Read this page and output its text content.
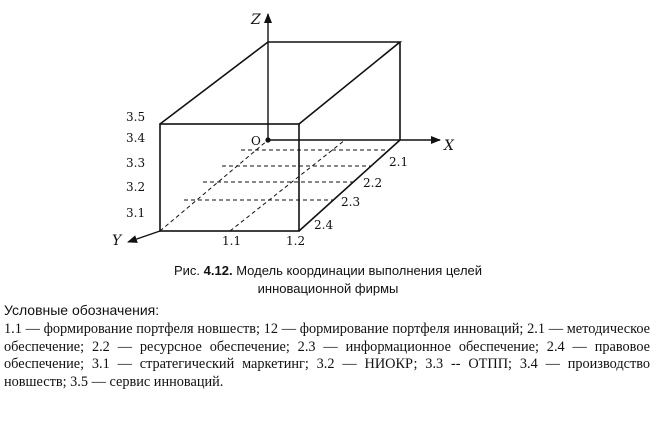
Z
X
Y
O
3.5
3.4
3.3
3.2
3.1
1.1	1.2
2.1
2.2
2.3
2.4
Рис. 4.12. Модель координации выполнения целей
инновационной фирмы
Условные обозначения:
1.1 — формирование портфеля новшеств; 12 — формирование портфеля инноваций; 2.1 — методическое обеспечение; 2.2 — ресурсное обеспечение; 2.3 — информационное обеспечение; 2.4 — правовое обеспечение; 3.1 — стратегический маркетинг; 3.2 — НИОКР; 3.3 -- ОТПП; 3.4 — производство новшеств; 3.5 — сервис инноваций.
